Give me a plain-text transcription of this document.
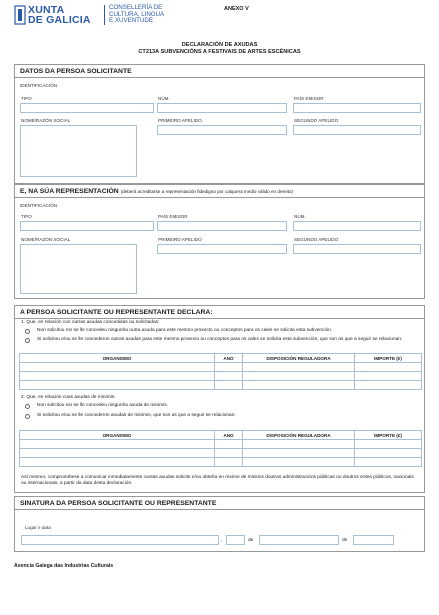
XUNTA
DE GALICIA
CONSELLERÍA DE
CULTURA, LINGUA
E XUVENTUDE
ANEXO V
DECLARACIÓN DE AXUDAS
CT213A SUBVENCIÓNS A FESTIVAIS DE ARTES ESCÉNICAS
DATOS DA PERSOA SOLICITANTE
IDENTIFICACIÓN
TIPO	NÚM.	PAÍS EMISOR
NOME/RAZÓN SOCIAL	PRIMEIRO APELIDO	SEGUNDO APELIDO
E, NA SÚA REPRESENTACIÓN (deberá acreditarse a representación fidedigna por calquera medio válido en dereito)
IDENTIFICACIÓN
TIPO	PAÍS EMISOR	NÚM.
NOME/RAZÓN SOCIAL	PRIMEIRO APELIDO	SEGUNDO APELIDO
A PERSOA SOLICITANTE OU REPRESENTANTE DECLARA:
1. Que, en relación con outras axudas concedidas ou solicitadas:
Non solicitou nin se lle concedeu ningunha outra axuda para este mesmo proxecto ou conceptos para os cales se solicita esta subvención.
Si solicitou e/ou se lle concederon outras axudas para este mesmo proxecto ou conceptos para os cales se solicita esta subvención, que son as que a seguir se relacionan:
ORGANISMO	ANO	DISPOSICIÓN REGULADORA	IMPORTE (€)

2. Que, en relación coas axudas de minimis:
Non solicitou nin se lle concedeu ningunha axuda de minimis.
Si solicitou e/ou se lle concederon axudas de minimis, que son as que a seguir se relacionan:
ORGANISMO	ANO	DISPOSICIÓN REGULADORA	IMPORTE (€)

Así mesmo, comprométese a comunicar inmediatamente cantas axudas solicite e/ou obteña en réxime de minimis doutras administracións públicas ou doutros entes públicos, nacionais ou internacionais, a partir da data desta declaración.
SINATURA DA PERSOA SOLICITANTE OU REPRESENTANTE
Lugar e data
,	de	de
Axencia Galega das Industrias Culturais
